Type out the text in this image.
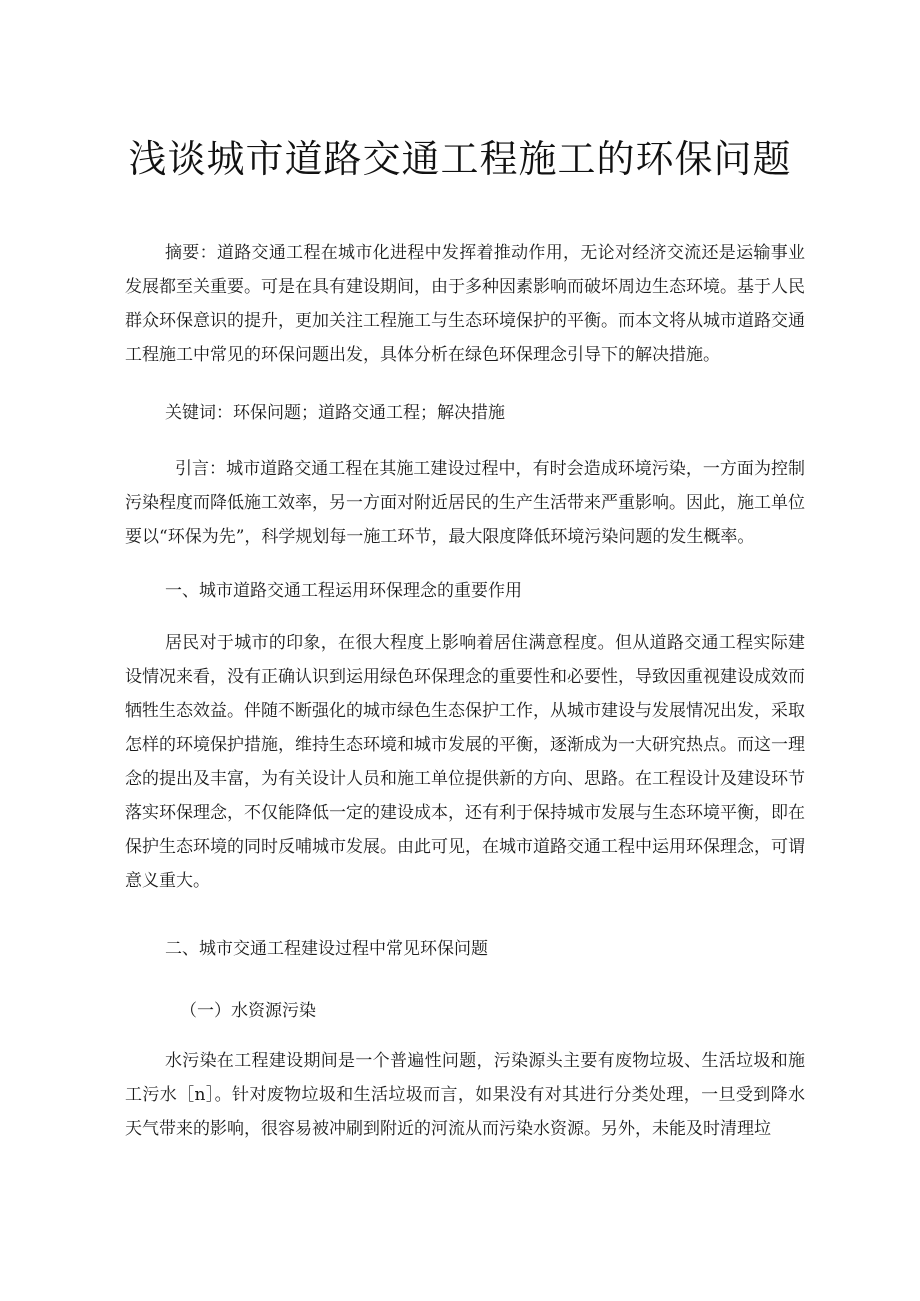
浅谈城市道路交通工程施工的环保问题

摘要：道路交通工程在城市化进程中发挥着推动作用，无论对经济交流还是运输事业发展都至关重要。可是在具有建设期间，由于多种因素影响而破坏周边生态环境。基于人民群众环保意识的提升，更加关注工程施工与生态环境保护的平衡。而本文将从城市道路交通工程施工中常见的环保问题出发，具体分析在绿色环保理念引导下的解决措施。

关键词：环保问题；道路交通工程；解决措施

引言：城市道路交通工程在其施工建设过程中，有时会造成环境污染，一方面为控制污染程度而降低施工效率，另一方面对附近居民的生产生活带来严重影响。因此，施工单位要以“环保为先”，科学规划每一施工环节，最大限度降低环境污染问题的发生概率。

一、城市道路交通工程运用环保理念的重要作用

居民对于城市的印象，在很大程度上影响着居住满意程度。但从道路交通工程实际建设情况来看，没有正确认识到运用绿色环保理念的重要性和必要性，导致因重视建设成效而牺牲生态效益。伴随不断强化的城市绿色生态保护工作，从城市建设与发展情况出发，采取怎样的环境保护措施，维持生态环境和城市发展的平衡，逐渐成为一大研究热点。而这一理念的提出及丰富，为有关设计人员和施工单位提供新的方向、思路。在工程设计及建设环节落实环保理念，不仅能降低一定的建设成本，还有利于保持城市发展与生态环境平衡，即在保护生态环境的同时反哺城市发展。由此可见，在城市道路交通工程中运用环保理念，可谓意义重大。

二、城市交通工程建设过程中常见环保问题
（一）水资源污染

水污染在工程建设期间是一个普遍性问题，污染源头主要有废物垃圾、生活垃圾和施工污水［n］。针对废物垃圾和生活垃圾而言，如果没有对其进行分类处理，一旦受到降水天气带来的影响，很容易被冲刷到附近的河流从而污染水资源。另外，未能及时清理垃
